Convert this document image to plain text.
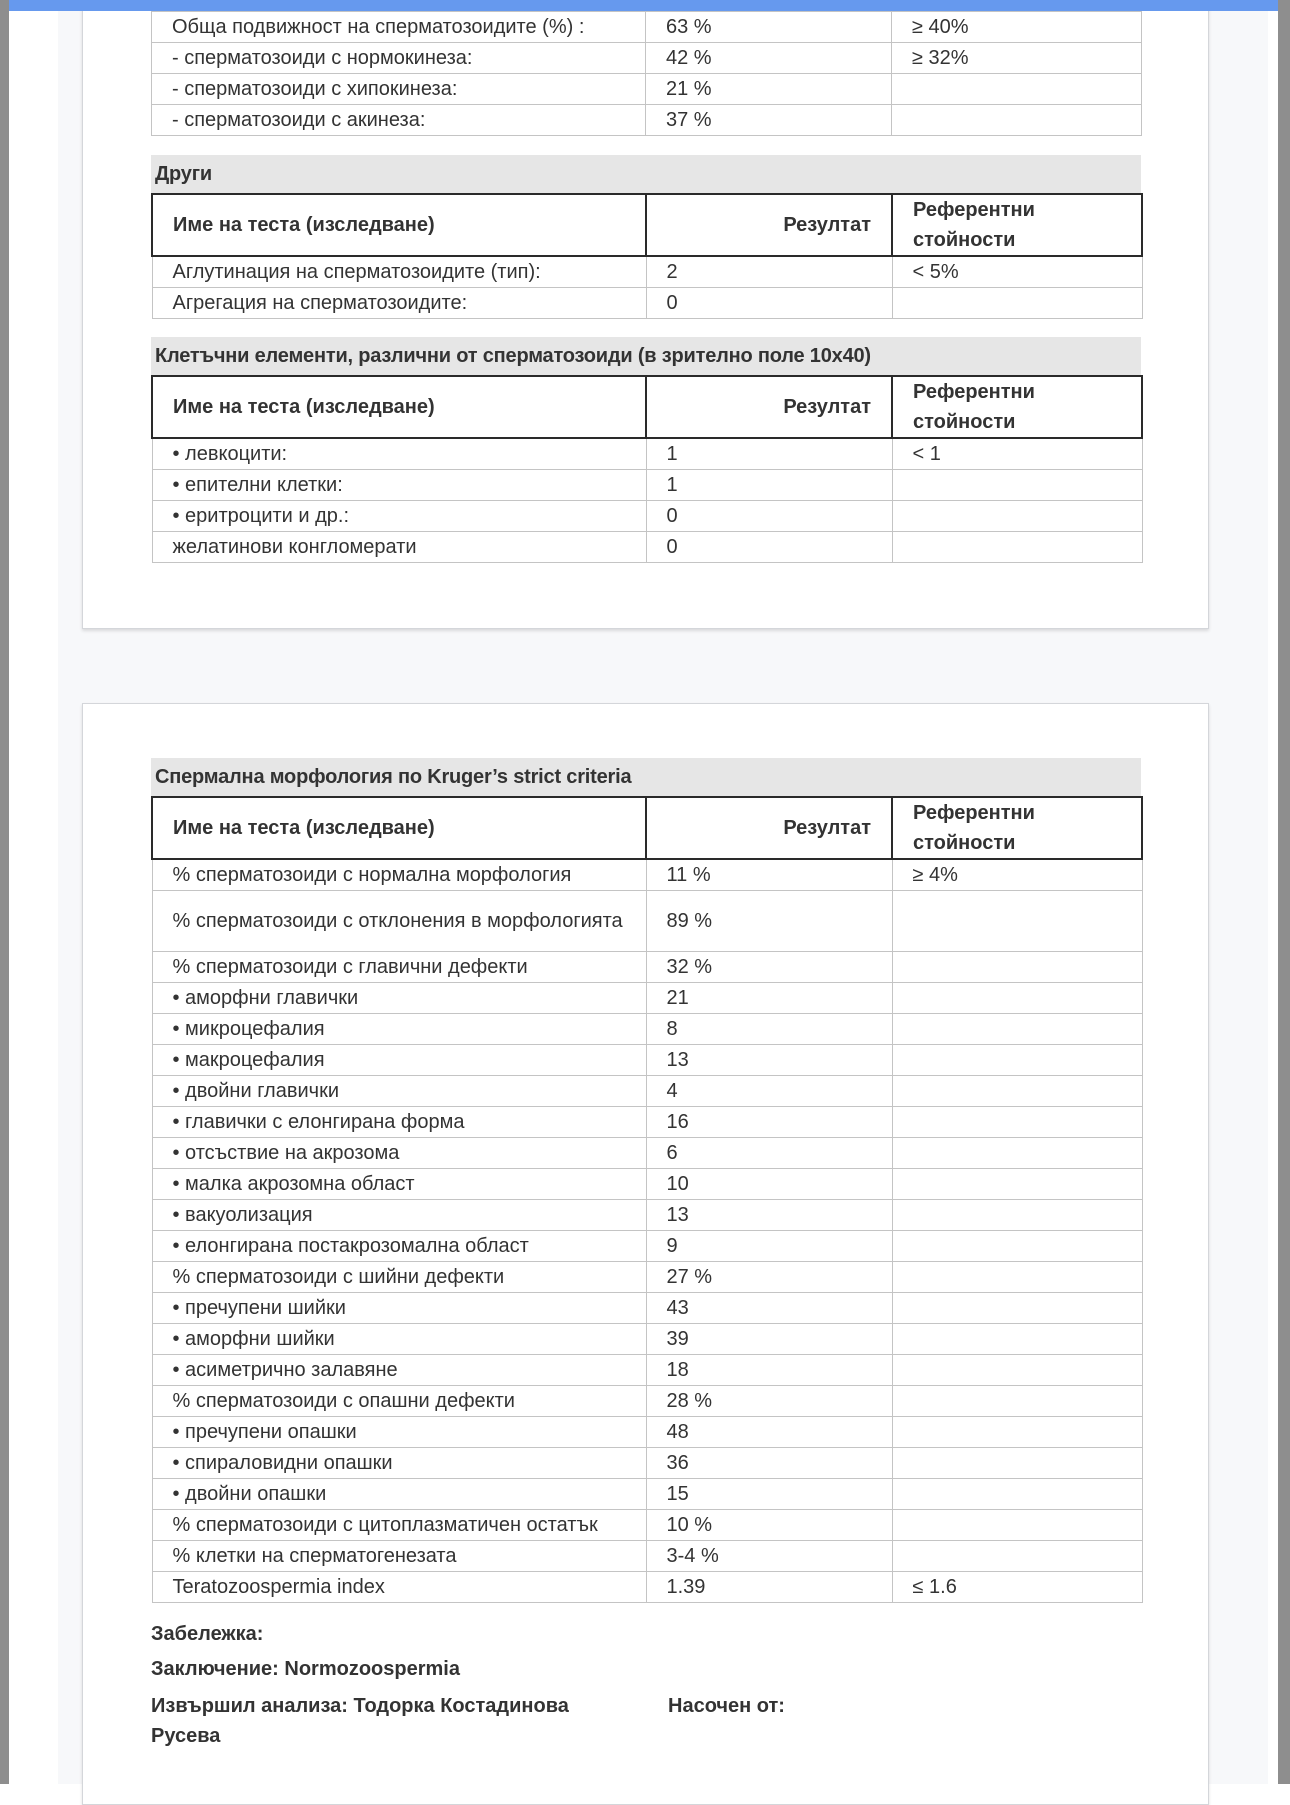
Обща подвижност на сперматозоидите (%) :	63 %	≥ 40%
- сперматозоиди с нормокинеза:	42 %	≥ 32%
- сперматозоиди с хипокинеза:	21 %	
- сперматозоиди с акинеза:	37 %	
Други
Име на теста (изследване)	Резултат	Референтни стойности
Аглутинация на сперматозоидите (тип):	2	< 5%
Агрегация на сперматозоидите:	0	
Клетъчни елементи, различни от сперматозоиди (в зрително поле 10x40)
Име на теста (изследване)	Резултат	Референтни стойности
• левкоцити:	1	< 1
• епителни клетки:	1	
• еритроцити и др.:	0	
желатинови конгломерати	0	
Спермална морфология по Kruger’s strict criteria
Име на теста (изследване)	Резултат	Референтни стойности
% сперматозоиди с нормална морфология	11 %	≥ 4%
% сперматозоиди с отклонения в морфологията	89 %	
% сперматозоиди с главични дефекти	32 %	
• аморфни главички	21	
• микроцефалия	8	
• макроцефалия	13	
• двойни главички	4	
• главички с елонгирана форма	16	
• отсъствие на акрозома	6	
• малка акрозомна област	10	
• вакуолизация	13	
• елонгирана постакрозомална област	9	
% сперматозоиди с шийни дефекти	27 %	
• пречупени шийки	43	
• аморфни шийки	39	
• асиметрично залавяне	18	
% сперматозоиди с опашни дефекти	28 %	
• пречупени опашки	48	
• спираловидни опашки	36	
• двойни опашки	15	
% сперматозоиди с цитоплазматичен остатък	10 %	
% клетки на сперматогенезата	3-4 %	
Teratozoospermia index	1.39	≤ 1.6
Забележка:
Заключение: Normozoospermia
Извършил анализа: Тодорка Костадинова
Русева
Насочен от:
